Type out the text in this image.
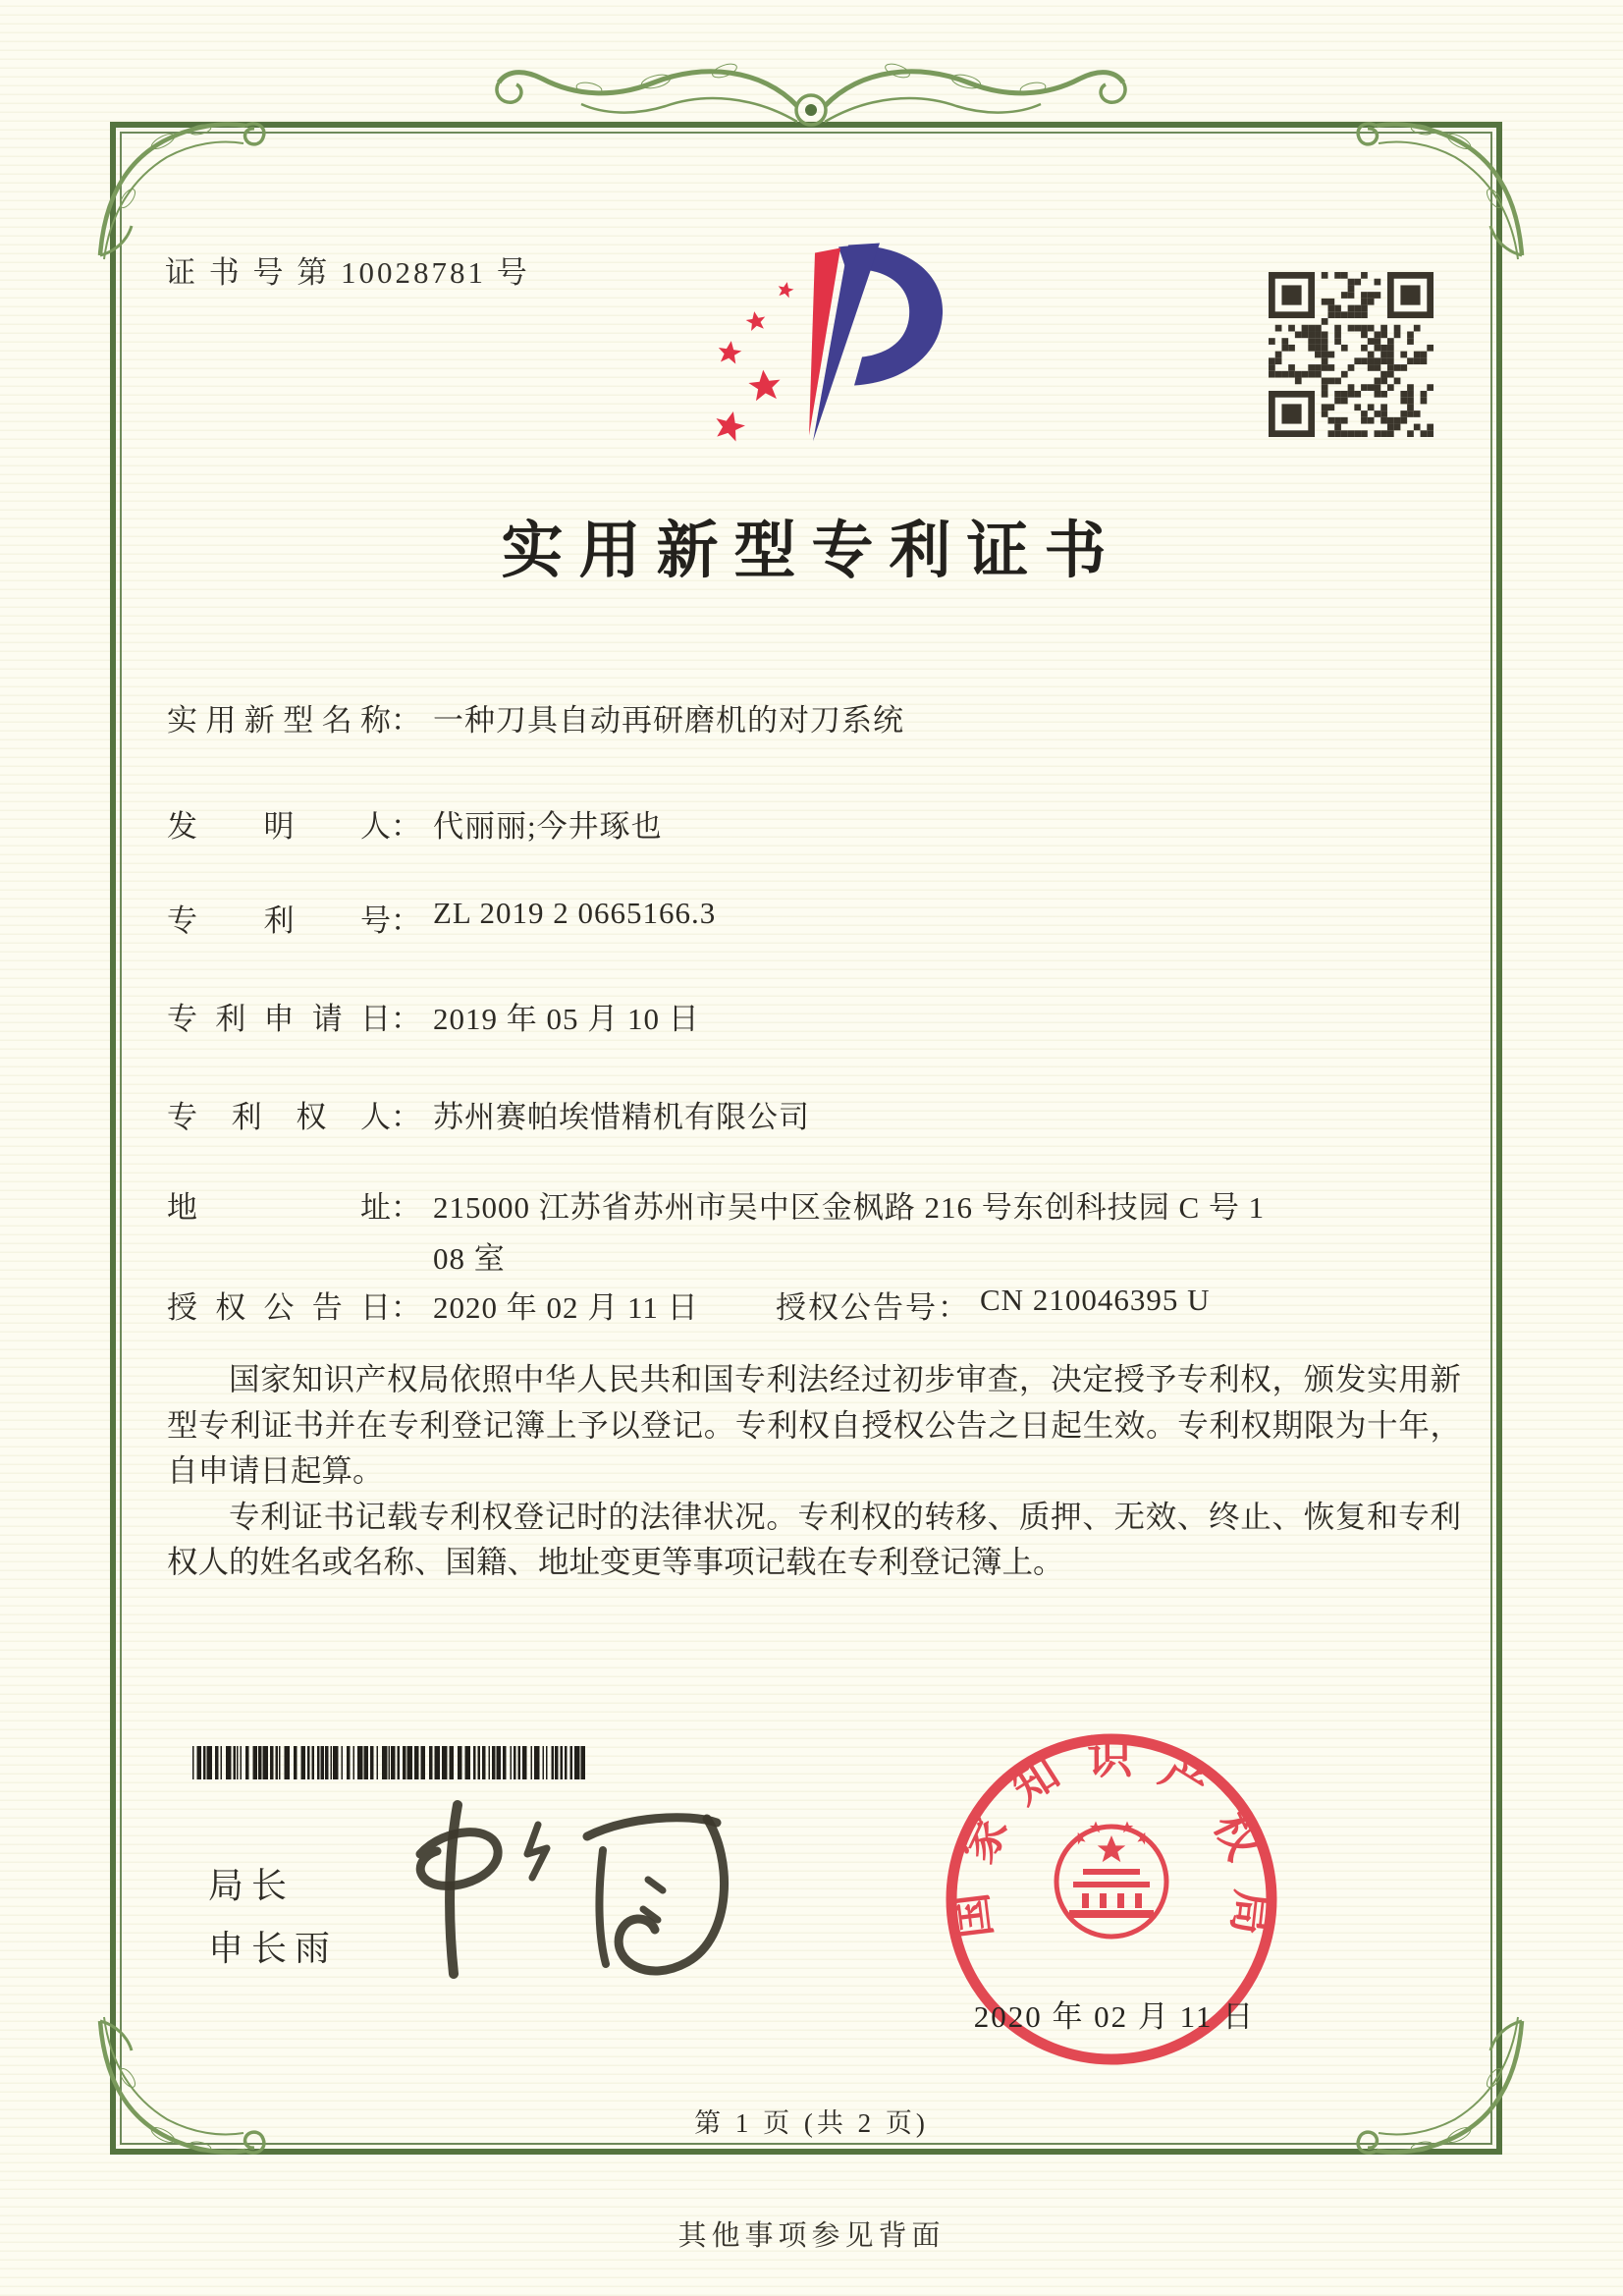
证 书 号 第 10028781 号
实用新型专利证书
实用新型名称： 一种刀具自动再研磨机的对刀系统
发明人： 代丽丽;今井琢也
专利号： ZL 2019 2 0665166.3
专利申请日： 2019 年 05 月 10 日
专利权人： 苏州赛帕埃惜精机有限公司
地址： 215000 江苏省苏州市吴中区金枫路 216 号东创科技园 C 号 1
08 室
授权公告日： 2020 年 02 月 11 日	授权公告号： CN 210046395 U

国家知识产权局依照中华人民共和国专利法经过初步审查，决定授予专利权，颁发实用新型专利证书并在专利登记簿上予以登记。专利权自授权公告之日起生效。专利权期限为十年，自申请日起算。

专利证书记载专利权登记时的法律状况。专利权的转移、质押、无效、终止、恢复和专利权人的姓名或名称、国籍、地址变更等事项记载在专利登记簿上。

局长
申长雨
国家知识产权局
2020 年 02 月 11 日
第 1 页 (共 2 页)
其他事项参见背面
